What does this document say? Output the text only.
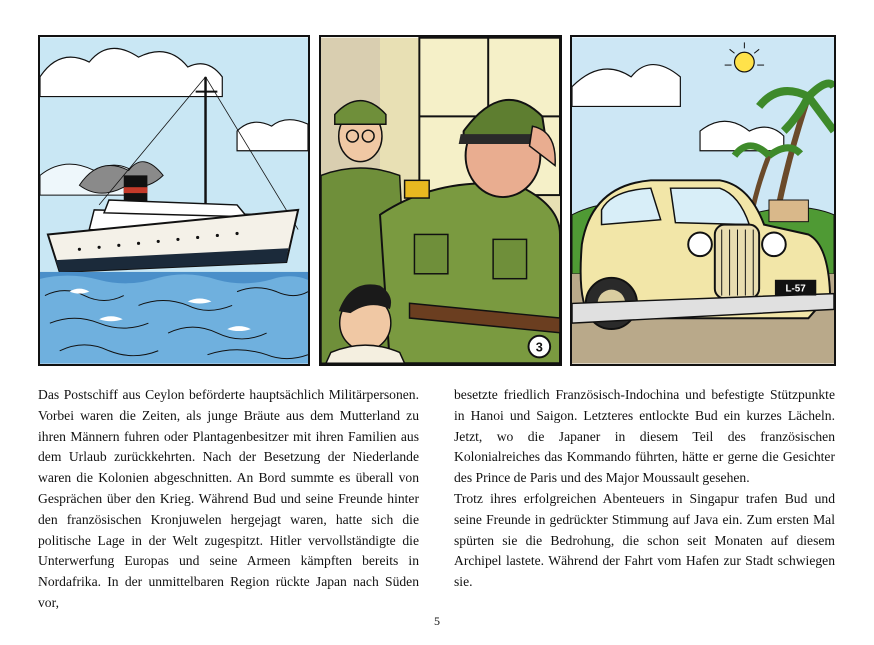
3
L-57

Das Postschiff aus Ceylon beförderte hauptsächlich Militärpersonen. Vorbei waren die Zeiten, als junge Bräute aus dem Mutterland zu ihren Männern fuhren oder Plantagenbesitzer mit ihren Familien aus dem Urlaub zurückkehrten. Nach der Besetzung der Niederlande waren die Kolonien abgeschnitten. An Bord summte es überall von Gesprächen über den Krieg. Während Bud und seine Freunde hinter den französischen Kronjuwelen hergejagt waren, hatte sich die politische Lage in der Welt zugespitzt. Hitler vervollständigte die Unterwerfung Europas und seine Armeen kämpften bereits in Nordafrika. In der unmittelbaren Region rückte Japan nach Süden vor,

besetzte friedlich Französisch-Indochina und befestigte Stützpunkte in Hanoi und Saigon. Letzteres entlockte Bud ein kurzes Lächeln. Jetzt, wo die Japaner in diesem Teil des französischen Kolonialreiches das Kommando führten, hätte er gerne die Gesichter des Prince de Paris und des Major Moussault gesehen.

Trotz ihres erfolgreichen Abenteuers in Singapur trafen Bud und seine Freunde in gedrückter Stimmung auf Java ein. Zum ersten Mal spürten sie die Bedrohung, die schon seit Monaten auf diesem Archipel lastete. Während der Fahrt vom Hafen zur Stadt schwiegen sie.

5
